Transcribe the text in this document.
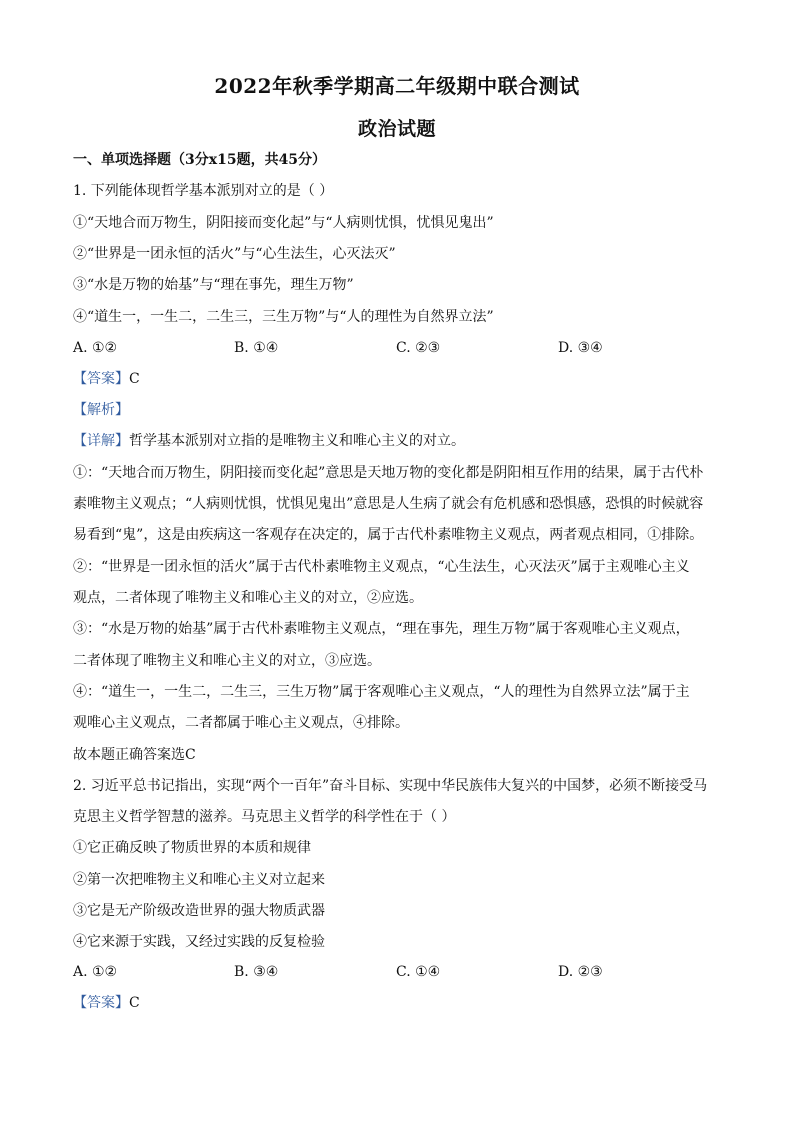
2022年秋季学期高二年级期中联合测试
政治试题
一、单项选择题（3分x15题，共45分）
1. 下列能体现哲学基本派别对立的是（ ）
①“天地合而万物生，阴阳接而变化起”与“人病则忧惧，忧惧见鬼出”
②“世界是一团永恒的活火”与“心生法生，心灭法灭”
③“水是万物的始基”与“理在事先，理生万物”
④“道生一，一生二，二生三，三生万物”与“人的理性为自然界立法”
A. ①②	B. ①④	C. ②③	D. ③④
【答案】C
【解析】
【详解】哲学基本派别对立指的是唯物主义和唯心主义的对立。
①：“天地合而万物生，阴阳接而变化起”意思是天地万物的变化都是阴阳相互作用的结果，属于古代朴
素唯物主义观点；“人病则忧惧，忧惧见鬼出”意思是人生病了就会有危机感和恐惧感，恐惧的时候就容
易看到“鬼”，这是由疾病这一客观存在决定的，属于古代朴素唯物主义观点，两者观点相同，①排除。
②：“世界是一团永恒的活火”属于古代朴素唯物主义观点，“心生法生，心灭法灭”属于主观唯心主义
观点，二者体现了唯物主义和唯心主义的对立，②应选。
③：“水是万物的始基”属于古代朴素唯物主义观点，“理在事先，理生万物”属于客观唯心主义观点，
二者体现了唯物主义和唯心主义的对立，③应选。
④：“道生一，一生二，二生三，三生万物”属于客观唯心主义观点，“人的理性为自然界立法”属于主
观唯心主义观点，二者都属于唯心主义观点，④排除。
故本题正确答案选C
2. 习近平总书记指出，实现“两个一百年”奋斗目标、实现中华民族伟大复兴的中国梦，必须不断接受马
克思主义哲学智慧的滋养。马克思主义哲学的科学性在于（ ）
①它正确反映了物质世界的本质和规律
②第一次把唯物主义和唯心主义对立起来
③它是无产阶级改造世界的强大物质武器
④它来源于实践，又经过实践的反复检验
A. ①②	B. ③④	C. ①④	D. ②③
【答案】C
